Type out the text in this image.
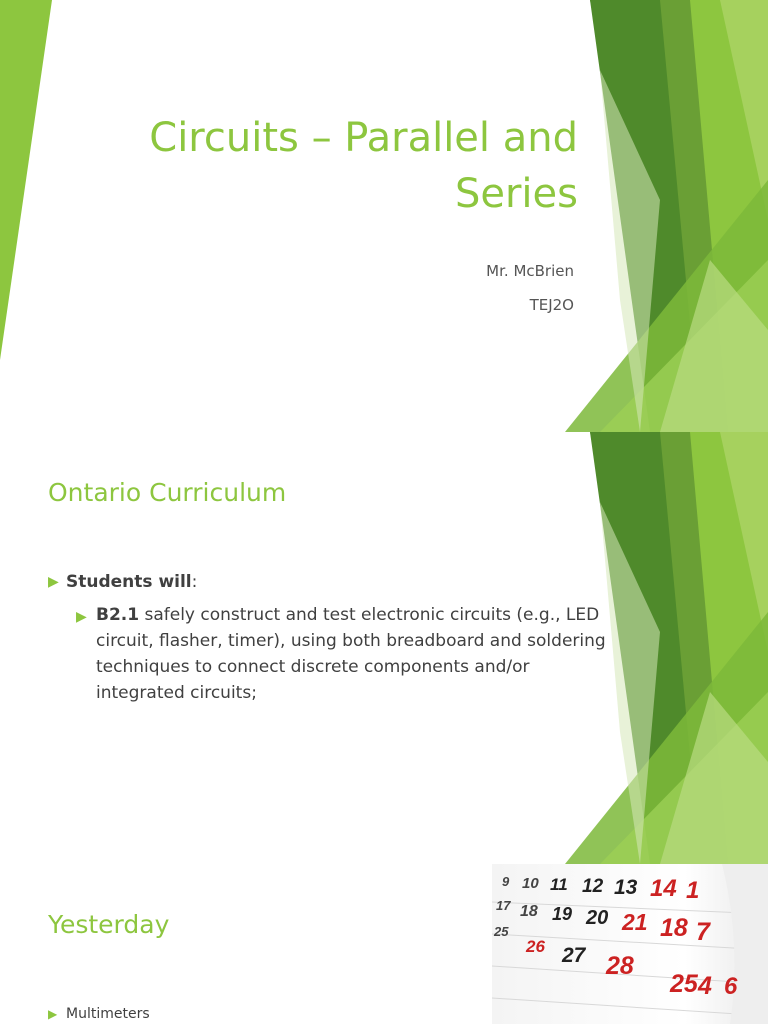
Circuits – Parallel and
Series
Mr. McBrien
TEJ2O
Ontario Curriculum
▶ Students will:
▶ B2.1 safely construct and test electronic circuits (e.g., LED circuit, flasher, timer), using both breadboard and soldering techniques to connect discrete components and/or integrated circuits;
Yesterday
▶ Multimeters
9 10 11 12 13 14 1
17 18 19 20 21 18 7
25
26 27 28
25 4 6
